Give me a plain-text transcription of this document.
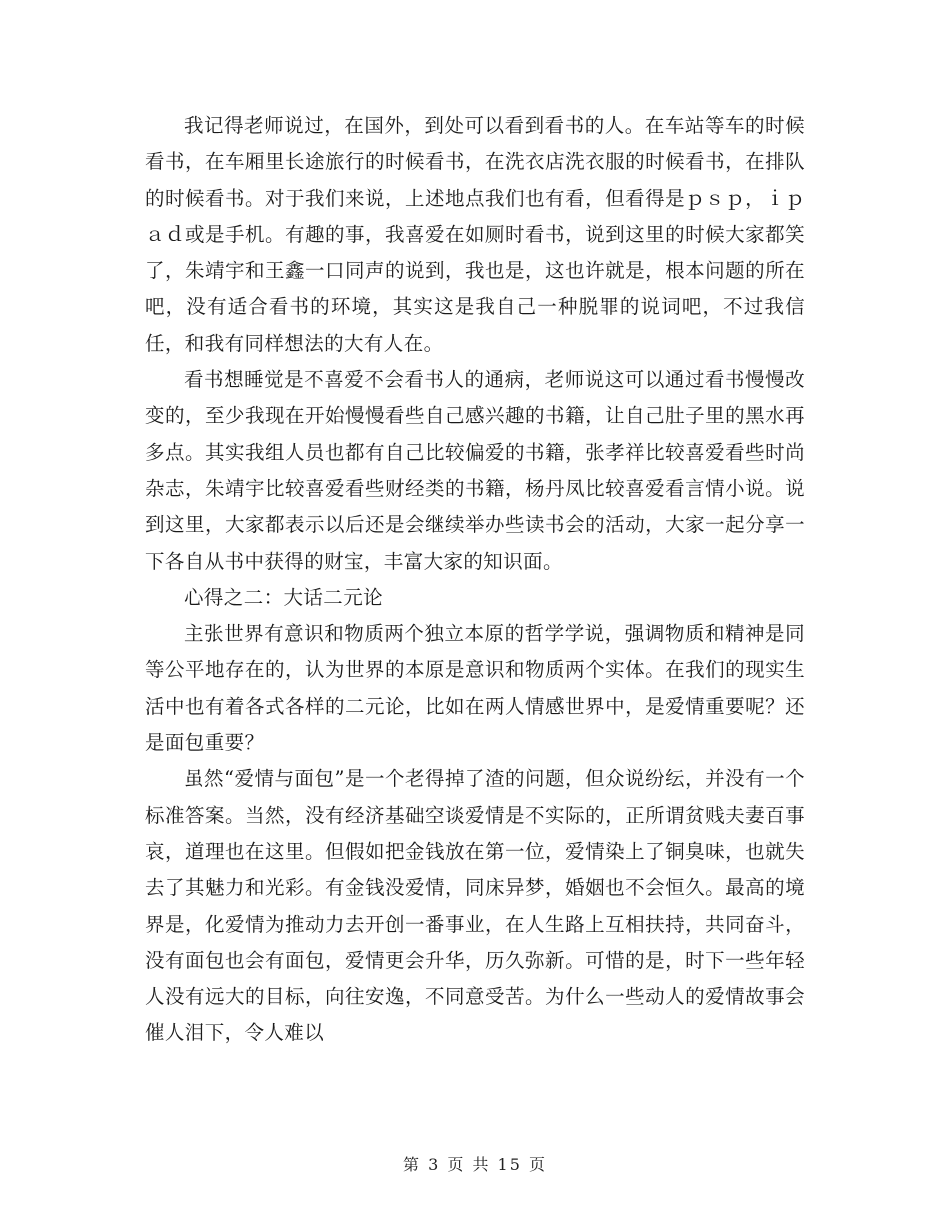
我记得老师说过，在国外，到处可以看到看书的人。在车站等车的时候看书，在车厢里长途旅行的时候看书，在洗衣店洗衣服的时候看书，在排队的时候看书。对于我们来说，上述地点我们也有看，但看得是ｐｓｐ，ｉｐａｄ或是手机。有趣的事，我喜爱在如厕时看书，说到这里的时候大家都笑了，朱靖宇和王鑫一口同声的说到，我也是，这也许就是，根本问题的所在吧，没有适合看书的环境，其实这是我自己一种脱罪的说词吧，不过我信任，和我有同样想法的大有人在。

看书想睡觉是不喜爱不会看书人的通病，老师说这可以通过看书慢慢改变的，至少我现在开始慢慢看些自己感兴趣的书籍，让自己肚子里的黑水再多点。其实我组人员也都有自己比较偏爱的书籍，张孝祥比较喜爱看些时尚杂志，朱靖宇比较喜爱看些财经类的书籍，杨丹凤比较喜爱看言情小说。说到这里，大家都表示以后还是会继续举办些读书会的活动，大家一起分享一下各自从书中获得的财宝，丰富大家的知识面。

心得之二：大话二元论

主张世界有意识和物质两个独立本原的哲学学说，强调物质和精神是同等公平地存在的，认为世界的本原是意识和物质两个实体。在我们的现实生活中也有着各式各样的二元论，比如在两人情感世界中，是爱情重要呢？还是面包重要？

虽然“爱情与面包”是一个老得掉了渣的问题，但众说纷纭，并没有一个标准答案。当然，没有经济基础空谈爱情是不实际的，正所谓贫贱夫妻百事哀，道理也在这里。但假如把金钱放在第一位，爱情染上了铜臭味，也就失去了其魅力和光彩。有金钱没爱情，同床异梦，婚姻也不会恒久。最高的境界是，化爱情为推动力去开创一番事业，在人生路上互相扶持，共同奋斗，没有面包也会有面包，爱情更会升华，历久弥新。可惜的是，时下一些年轻人没有远大的目标，向往安逸，不同意受苦。为什么一些动人的爱情故事会催人泪下，令人难以

第 3 页 共 15 页
